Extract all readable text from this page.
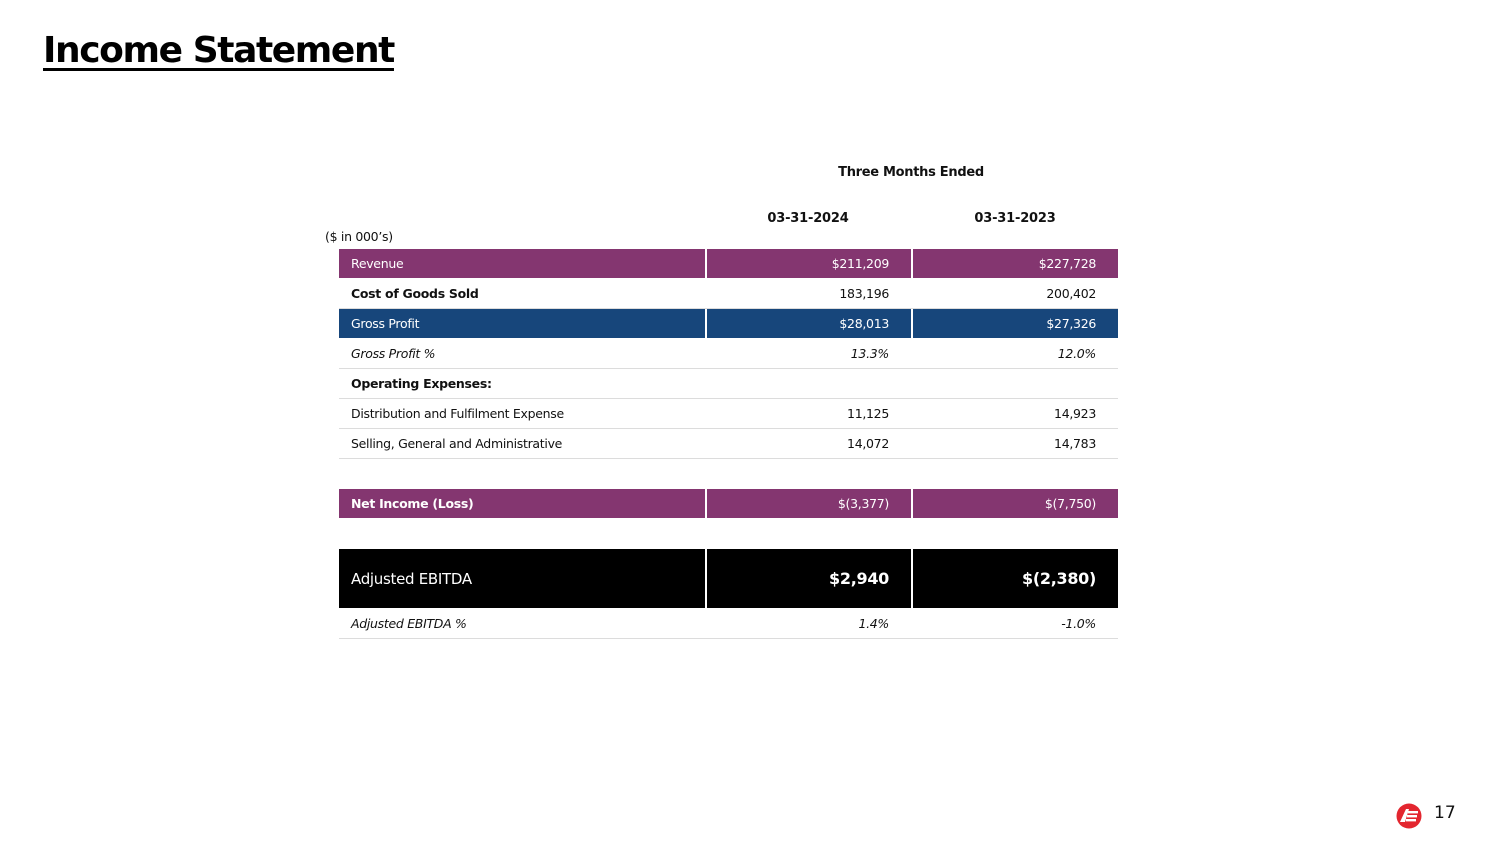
Income Statement
Three Months Ended
03-31-2024	03-31-2023
($ in 000’s)
Revenue	$211,209	$227,728
Cost of Goods Sold	183,196	200,402
Gross Profit	$28,013	$27,326
Gross Profit %	13.3%	12.0%
Operating Expenses:
Distribution and Fulfilment Expense	11,125	14,923
Selling, General and Administrative	14,072	14,783
Net Income (Loss)	$(3,377)	$(7,750)
Adjusted EBITDA	$2,940	$(2,380)
Adjusted EBITDA %	1.4%	-1.0%
17
